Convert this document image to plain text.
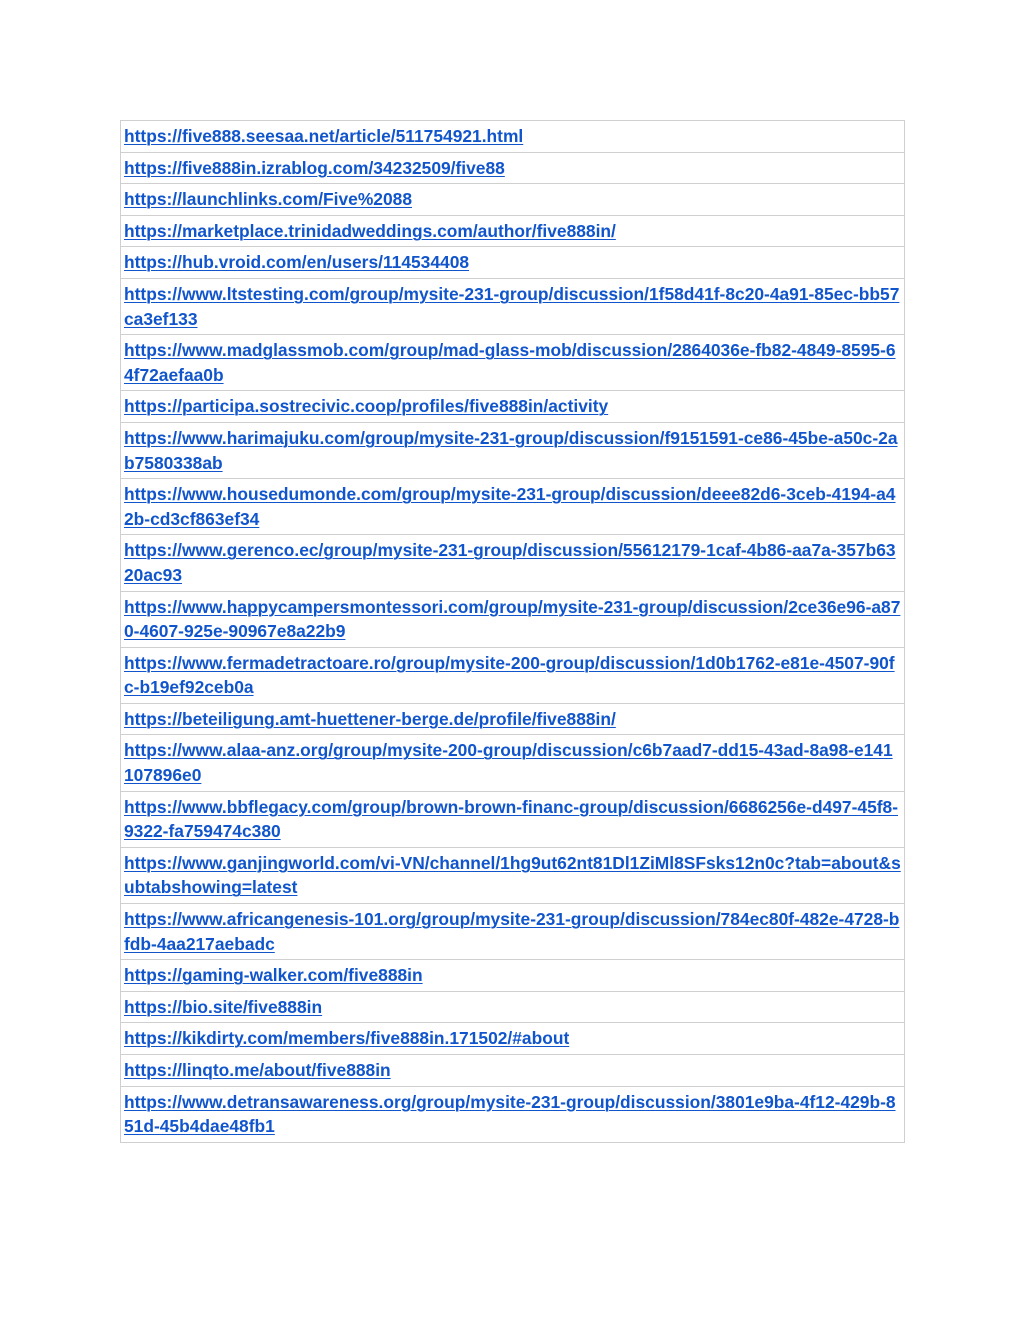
https://five888.seesaa.net/article/511754921.html
https://five888in.izrablog.com/34232509/five88
https://launchlinks.com/Five%2088
https://marketplace.trinidadweddings.com/author/five888in/
https://hub.vroid.com/en/users/114534408
https://www.ltstesting.com/group/mysite-231-group/discussion/1f58d41f-8c20-4a91-85ec-bb57ca3ef133
https://www.madglassmob.com/group/mad-glass-mob/discussion/2864036e-fb82-4849-8595-64f72aefaa0b
https://participa.sostrecivic.coop/profiles/five888in/activity
https://www.harimajuku.com/group/mysite-231-group/discussion/f9151591-ce86-45be-a50c-2ab7580338ab
https://www.housedumonde.com/group/mysite-231-group/discussion/deee82d6-3ceb-4194-a42b-cd3cf863ef34
https://www.gerenco.ec/group/mysite-231-group/discussion/55612179-1caf-4b86-aa7a-357b6320ac93
https://www.happycampersmontessori.com/group/mysite-231-group/discussion/2ce36e96-a870-4607-925e-90967e8a22b9
https://www.fermadetractoare.ro/group/mysite-200-group/discussion/1d0b1762-e81e-4507-90fc-b19ef92ceb0a
https://beteiligung.amt-huettener-berge.de/profile/five888in/
https://www.alaa-anz.org/group/mysite-200-group/discussion/c6b7aad7-dd15-43ad-8a98-e141107896e0
https://www.bbflegacy.com/group/brown-brown-financ-group/discussion/6686256e-d497-45f8-9322-fa759474c380
https://www.ganjingworld.com/vi-VN/channel/1hg9ut62nt81Dl1ZiMl8SFsks12n0c?tab=about&subtabshowing=latest
https://www.africangenesis-101.org/group/mysite-231-group/discussion/784ec80f-482e-4728-bfdb-4aa217aebadc
https://gaming-walker.com/five888in
https://bio.site/five888in
https://kikdirty.com/members/five888in.171502/#about
https://linqto.me/about/five888in
https://www.detransawareness.org/group/mysite-231-group/discussion/3801e9ba-4f12-429b-851d-45b4dae48fb1
